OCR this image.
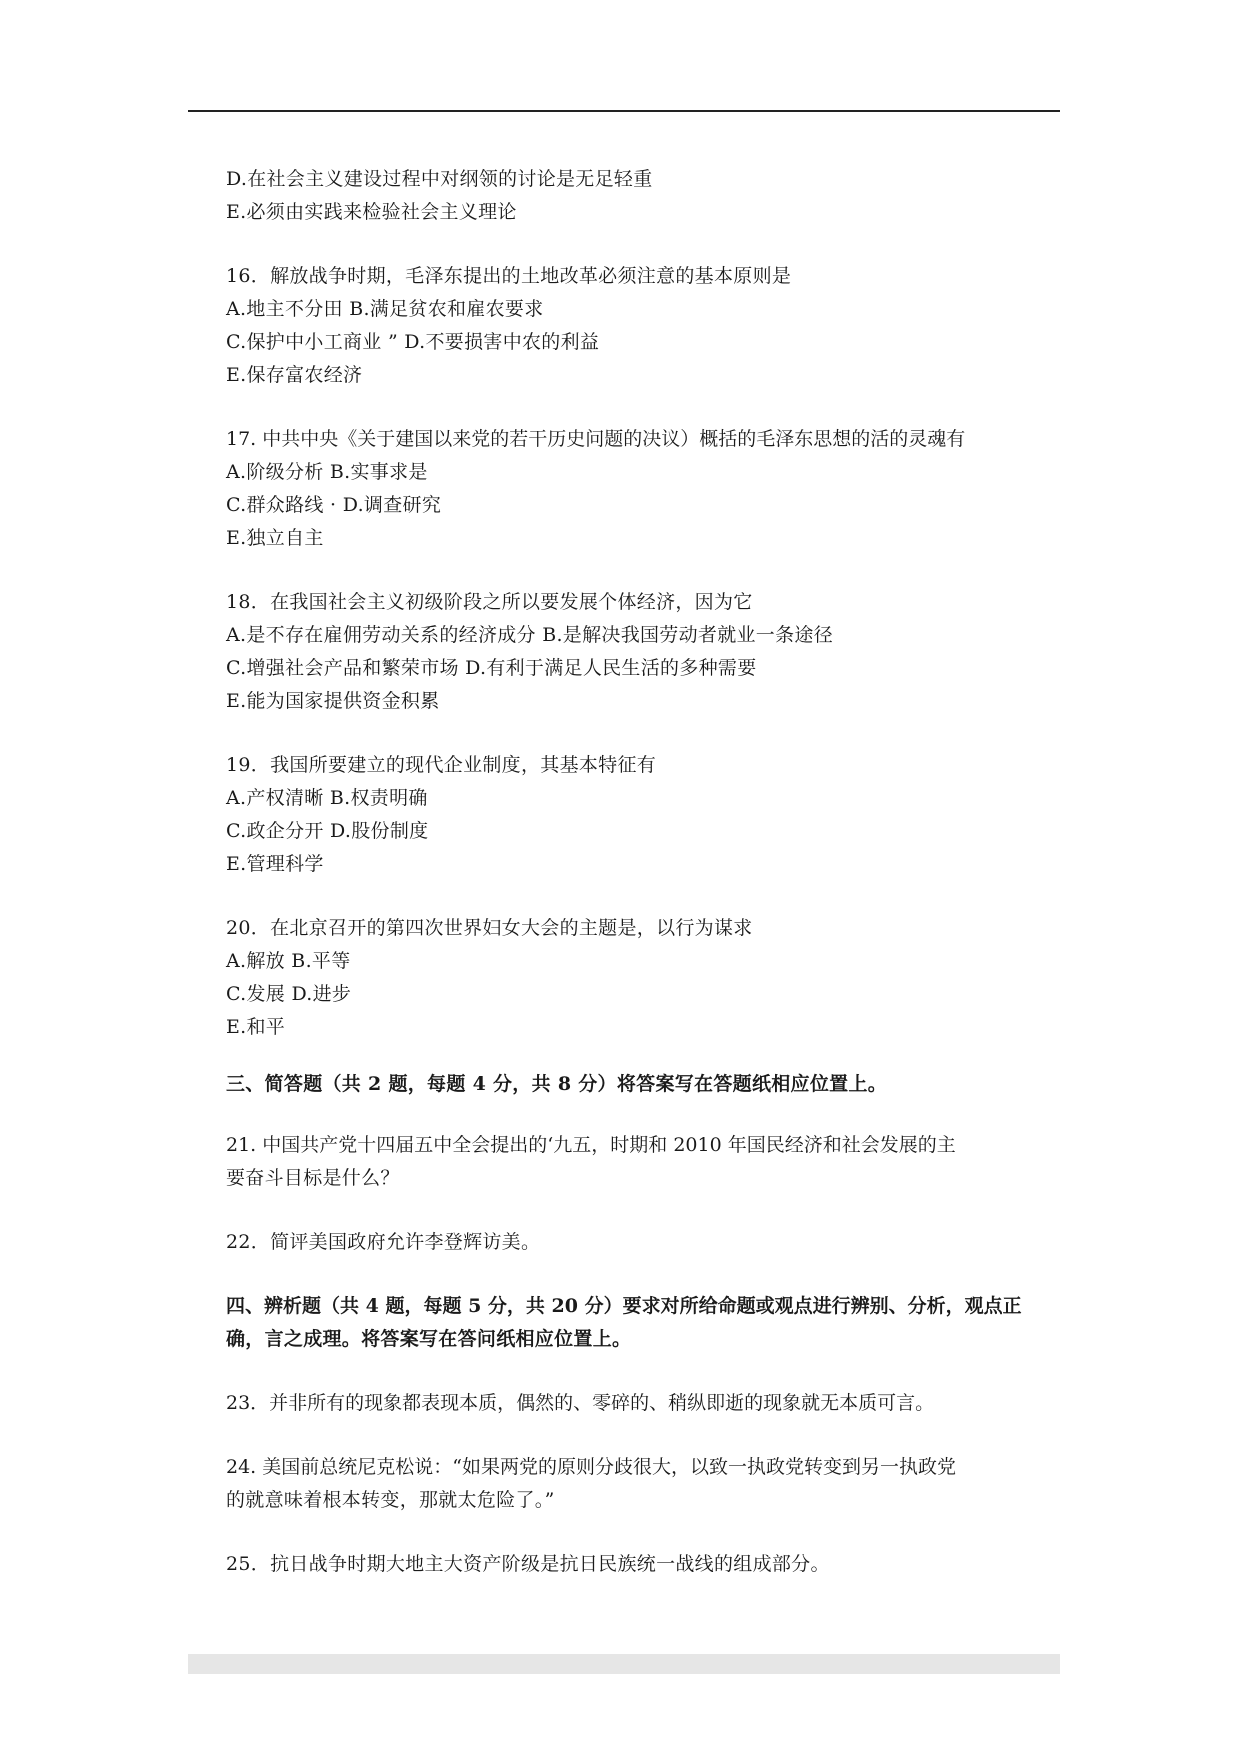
D.在社会主义建设过程中对纲领的讨论是无足轻重
E.必须由实践来检验社会主义理论
16．解放战争时期，毛泽东提出的土地改革必须注意的基本原则是
A.地主不分田 B.满足贫农和雇农要求
C.保护中小工商业 ” D.不要损害中农的利益
E.保存富农经济
17. 中共中央《关于建国以来党的若干历史问题的决议）概括的毛泽东思想的活的灵魂有
A.阶级分析 B.实事求是
C.群众路线 · D.调查研究
E.独立自主
18．在我国社会主义初级阶段之所以要发展个体经济，因为它
A.是不存在雇佣劳动关系的经济成分 B.是解决我国劳动者就业一条途径
C.增强社会产品和繁荣市场 D.有利于满足人民生活的多种需要
E.能为国家提供资金积累
19．我国所要建立的现代企业制度，其基本特征有
A.产权清晰 B.权责明确
C.政企分开 D.股份制度
E.管理科学
20．在北京召开的第四次世界妇女大会的主题是，以行为谋求
A.解放 B.平等
C.发展 D.进步
E.和平
三、简答题（共 2 题，每题 4 分，共 8 分）将答案写在答题纸相应位置上。
21. 中国共产党十四届五中全会提出的‘九五，时期和 2010 年国民经济和社会发展的主
要奋斗目标是什么？
22．简评美国政府允许李登辉访美。
四、辨析题（共 4 题，每题 5 分，共 20 分）要求对所给命题或观点进行辨别、分析，观点正
确，言之成理。将答案写在答问纸相应位置上。
23．并非所有的现象都表现本质，偶然的、零碎的、稍纵即逝的现象就无本质可言。
24. 美国前总统尼克松说：“如果两党的原则分歧很大，以致一执政党转变到另一执政党
的就意味着根本转变，那就太危险了。”
25．抗日战争时期大地主大资产阶级是抗日民族统一战线的组成部分。
